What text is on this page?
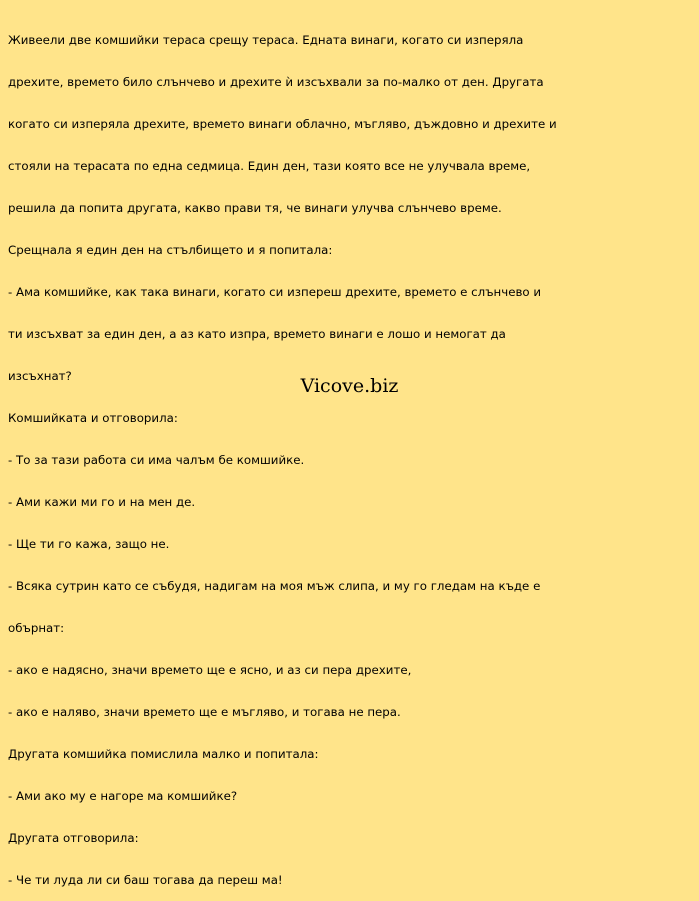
Живеели две комшийки тераса срещу тераса. Едната винаги, когато си изперяла

дрехите, времето било слънчево и дрехите ѝ изсъхвали за по-малко от ден. Другата

когато си изперяла дрехите, времето винаги облачно, мъгляво, дъждовно и дрехите и

стояли на терасата по една седмица. Един ден, тази която все не улучвала време,

решила да попита другата, какво прави тя, че винаги улучва слънчево време.

Срещнала я един ден на стълбището и я попитала:

- Ама комшийке, как така винаги, когато си изпереш дрехите, времето е слънчево и

ти изсъхват за един ден, а аз като изпра, времето винаги е лошо и немогат да

изсъхнат?

Комшийката и отговорила:

- То за тази работа си има чалъм бе комшийке.

- Ами кажи ми го и на мен де.

- Ще ти го кажа, защо не.

- Всяка сутрин като се събудя, надигам на моя мъж слипа, и му го гледам на къде е

обърнат:

- ако е надясно, значи времето ще е ясно, и аз си пера дрехите,

- ако е наляво, значи времето ще е мъгляво, и тогава не пера.

Другата комшийка помислила малко и попитала:

- Ами ако му е нагоре ма комшийке?

Другата отговорила:

- Че ти луда ли си баш тогава да переш ма!

Vicove.biz
